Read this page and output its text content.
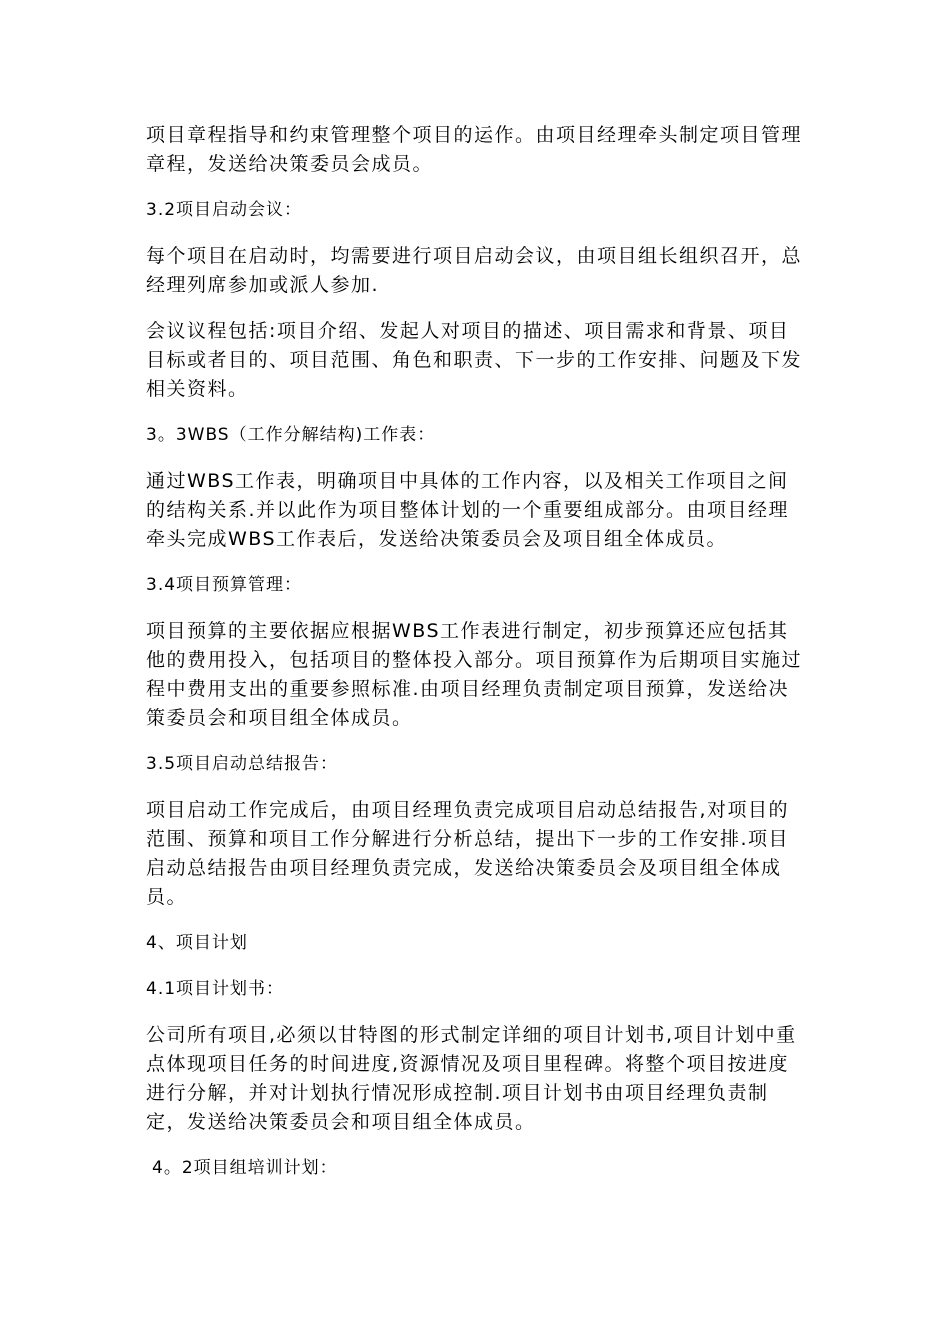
项目章程指导和约束管理整个项目的运作。由项目经理牵头制定项目管理章程，发送给决策委员会成员。

3.2项目启动会议：

每个项目在启动时，均需要进行项目启动会议，由项目组长组织召开，总经理列席参加或派人参加.

会议议程包括:项目介绍、发起人对项目的描述、项目需求和背景、项目目标或者目的、项目范围、角色和职责、下一步的工作安排、问题及下发相关资料。

3。3WBS（工作分解结构)工作表：

通过WBS工作表，明确项目中具体的工作内容，以及相关工作项目之间的结构关系.并以此作为项目整体计划的一个重要组成部分。由项目经理牵头完成WBS工作表后，发送给决策委员会及项目组全体成员。

3.4项目预算管理：

项目预算的主要依据应根据WBS工作表进行制定，初步预算还应包括其他的费用投入，包括项目的整体投入部分。项目预算作为后期项目实施过程中费用支出的重要参照标准.由项目经理负责制定项目预算，发送给决策委员会和项目组全体成员。

3.5项目启动总结报告：

项目启动工作完成后，由项目经理负责完成项目启动总结报告,对项目的范围、预算和项目工作分解进行分析总结，提出下一步的工作安排.项目启动总结报告由项目经理负责完成，发送给决策委员会及项目组全体成员。

4、项目计划

4.1项目计划书：

公司所有项目,必须以甘特图的形式制定详细的项目计划书,项目计划中重点体现项目任务的时间进度,资源情况及项目里程碑。将整个项目按进度进行分解，并对计划执行情况形成控制.项目计划书由项目经理负责制定，发送给决策委员会和项目组全体成员。

4。2项目组培训计划：
